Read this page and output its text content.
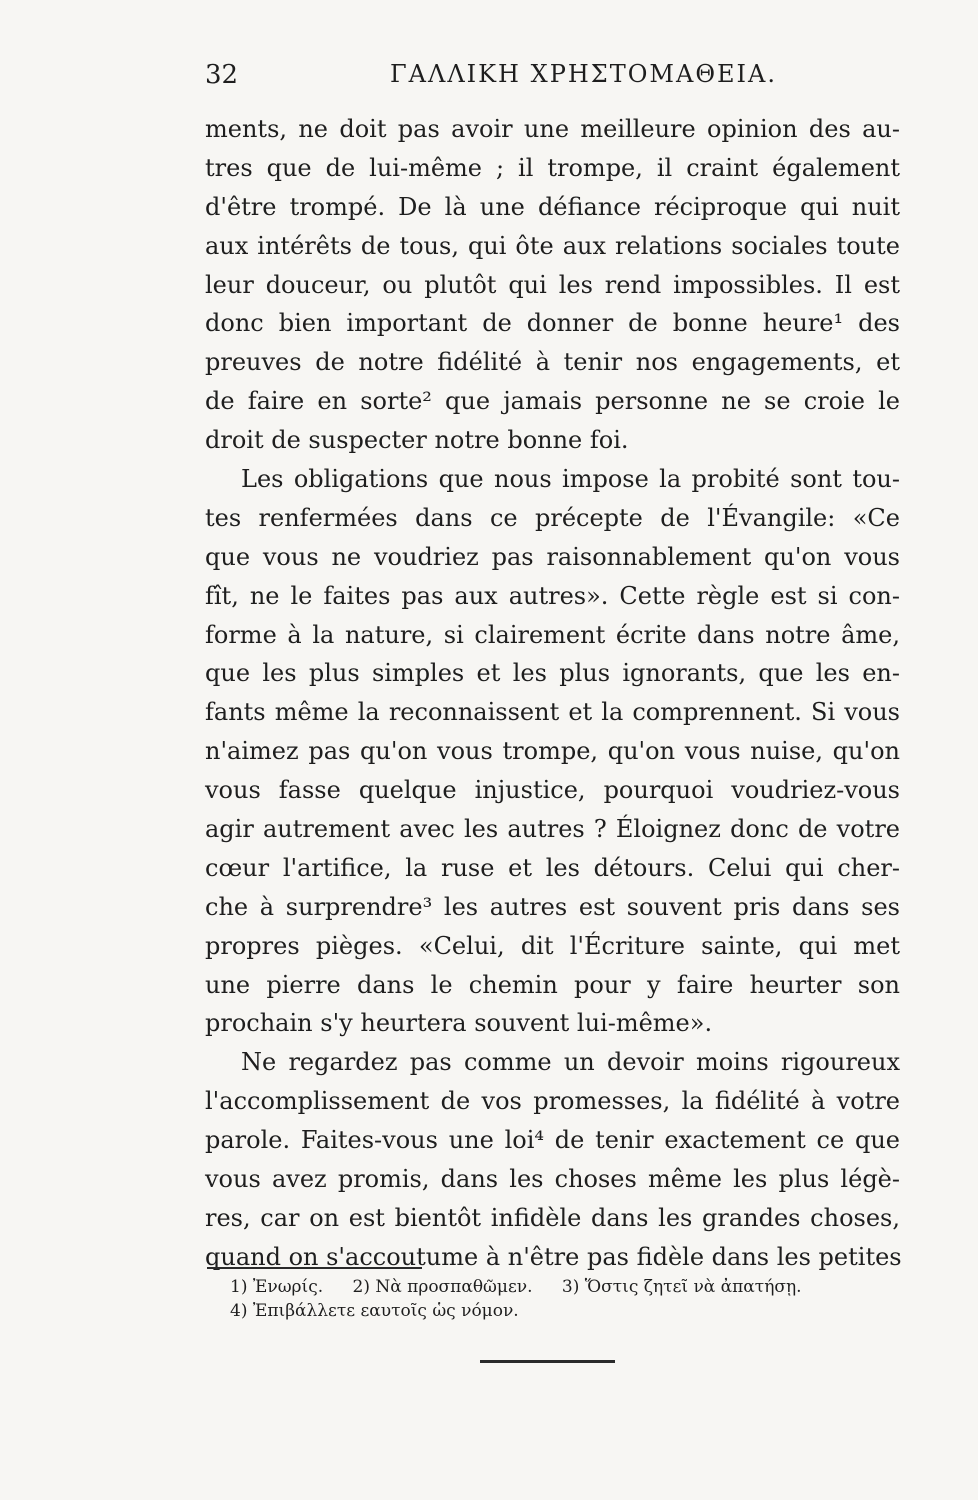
32	ΓΑΛΛΙΚΗ ΧΡΗΣΤΟΜΑΘΕΙΑ.
ments, ne doit pas avoir une meilleure opinion des au-
tres que de lui-même ; il trompe, il craint également
d'être trompé. De là une défiance réciproque qui nuit
aux intérêts de tous, qui ôte aux relations sociales toute
leur douceur, ou plutôt qui les rend impossibles. Il est
donc bien important de donner de bonne heure¹ des
preuves de notre fidélité à tenir nos engagements, et
de faire en sorte² que jamais personne ne se croie le
droit de suspecter notre bonne foi.
Les obligations que nous impose la probité sont tou-
tes renfermées dans ce précepte de l'Évangile: «Ce
que vous ne voudriez pas raisonnablement qu'on vous
fît, ne le faites pas aux autres». Cette règle est si con-
forme à la nature, si clairement écrite dans notre âme,
que les plus simples et les plus ignorants, que les en-
fants même la reconnaissent et la comprennent. Si vous
n'aimez pas qu'on vous trompe, qu'on vous nuise, qu'on
vous fasse quelque injustice, pourquoi voudriez-vous
agir autrement avec les autres ? Éloignez donc de votre
cœur l'artifice, la ruse et les détours. Celui qui cher-
che à surprendre³ les autres est souvent pris dans ses
propres pièges. «Celui, dit l'Écriture sainte, qui met
une pierre dans le chemin pour y faire heurter son
prochain s'y heurtera souvent lui-même».
Ne regardez pas comme un devoir moins rigoureux
l'accomplissement de vos promesses, la fidélité à votre
parole. Faites-vous une loi⁴ de tenir exactement ce que
vous avez promis, dans les choses même les plus légè-
res, car on est bientôt infidèle dans les grandes choses,
quand on s'accoutume à n'être pas fidèle dans les petites
1) Ἐνωρίς. 2) Νὰ προσπαθῶμεν. 3) Ὅστις ζητεῖ νὰ ἀπατήσῃ.
4) Ἐπιβάλλετε εαυτοῖς ὡς νόμον.
